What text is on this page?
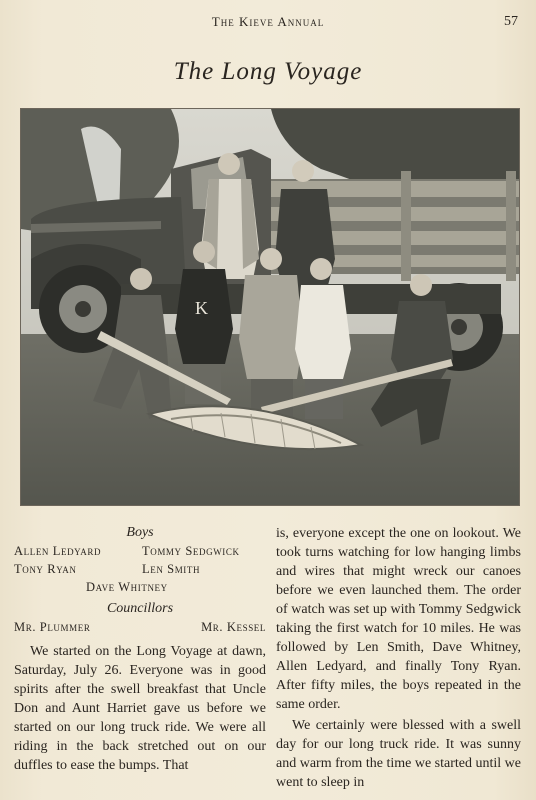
The Kieve Annual	57
The Long Voyage
K

Boys

Allen Ledyard	Tommy Sedgwick
Tony Ryan	Len Smith
Dave Whitney

Councillors

Mr. Plummer	Mr. Kessel

We started on the Long Voyage at dawn, Saturday, July 26. Everyone was in good spirits after the swell breakfast that Uncle Don and Aunt Harriet gave us before we started on our long truck ride. We were all riding in the back stretched out on our duffles to ease the bumps. That

is, everyone except the one on lookout. We took turns watching for low hanging limbs and wires that might wreck our canoes before we even launched them. The order of watch was set up with Tommy Sedgwick taking the first watch for 10 miles. He was followed by Len Smith, Dave Whitney, Allen Ledyard, and finally Tony Ryan. After fifty miles, the boys repeated in the same order.

We certainly were blessed with a swell day for our long truck ride. It was sunny and warm from the time we started until we went to sleep in
